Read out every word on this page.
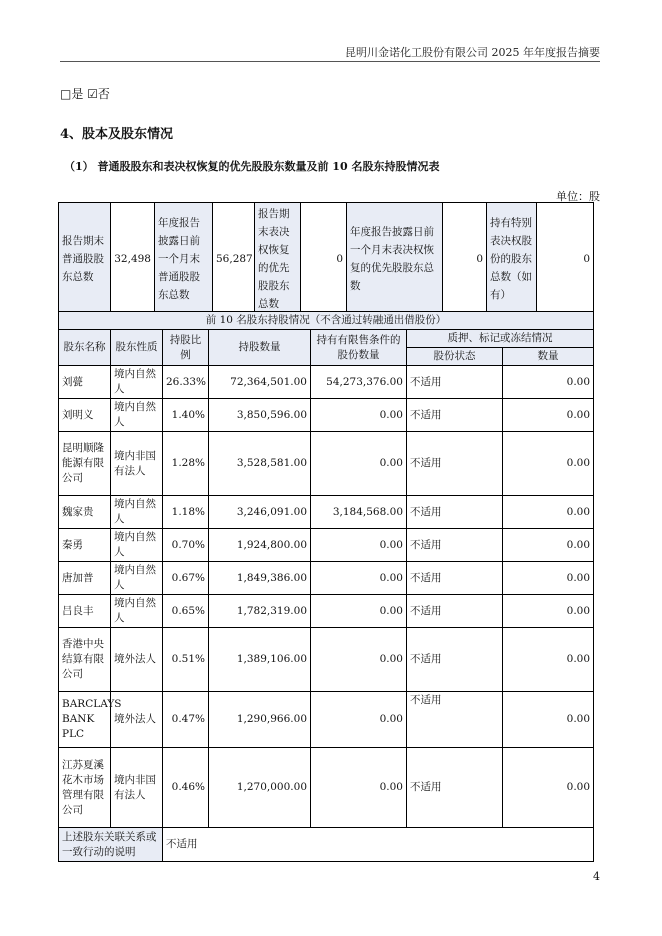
昆明川金诺化工股份有限公司 2025 年年度报告摘要
□是 ☑否
4、股本及股东情况
（1） 普通股股东和表决权恢复的优先股股东数量及前 10 名股东持股情况表
单位：股
报告期末普通股股东总数	32,498	年度报告披露日前一个月末普通股股东总数	56,287	报告期末表决权恢复的优先股股东总数	0	年度报告披露日前一个月末表决权恢复的优先股股东总数	0	持有特别表决权股份的股东总数（如有）	0
前 10 名股东持股情况（不含通过转融通出借股份）						
股东名称	股东性质	持股比例	持股数量	持有有限售条件的股份数量	质押、标记或冻结情况	
					股份状态	数量
刘甍	境内自然人	26.33%	72,364,501.00	54,273,376.00	不适用	0.00
刘明义	境内自然人	1.40%	3,850,596.00	0.00	不适用	0.00
昆明顺隆能源有限公司	境内非国有法人	1.28%	3,528,581.00	0.00	不适用	0.00
魏家贵	境内自然人	1.18%	3,246,091.00	3,184,568.00	不适用	0.00
秦勇	境内自然人	0.70%	1,924,800.00	0.00	不适用	0.00
唐加普	境内自然人	0.67%	1,849,386.00	0.00	不适用	0.00
吕良丰	境内自然人	0.65%	1,782,319.00	0.00	不适用	0.00
香港中央结算有限公司	境外法人	0.51%	1,389,106.00	0.00	不适用	0.00
BARCLAYS BANK PLC	境外法人	0.47%	1,290,966.00	0.00	不适用	0.00
江苏夏溪花木市场管理有限公司	境内非国有法人	0.46%	1,270,000.00	0.00	不适用	0.00
上述股东关联关系或一致行动的说明		不适用				
4
